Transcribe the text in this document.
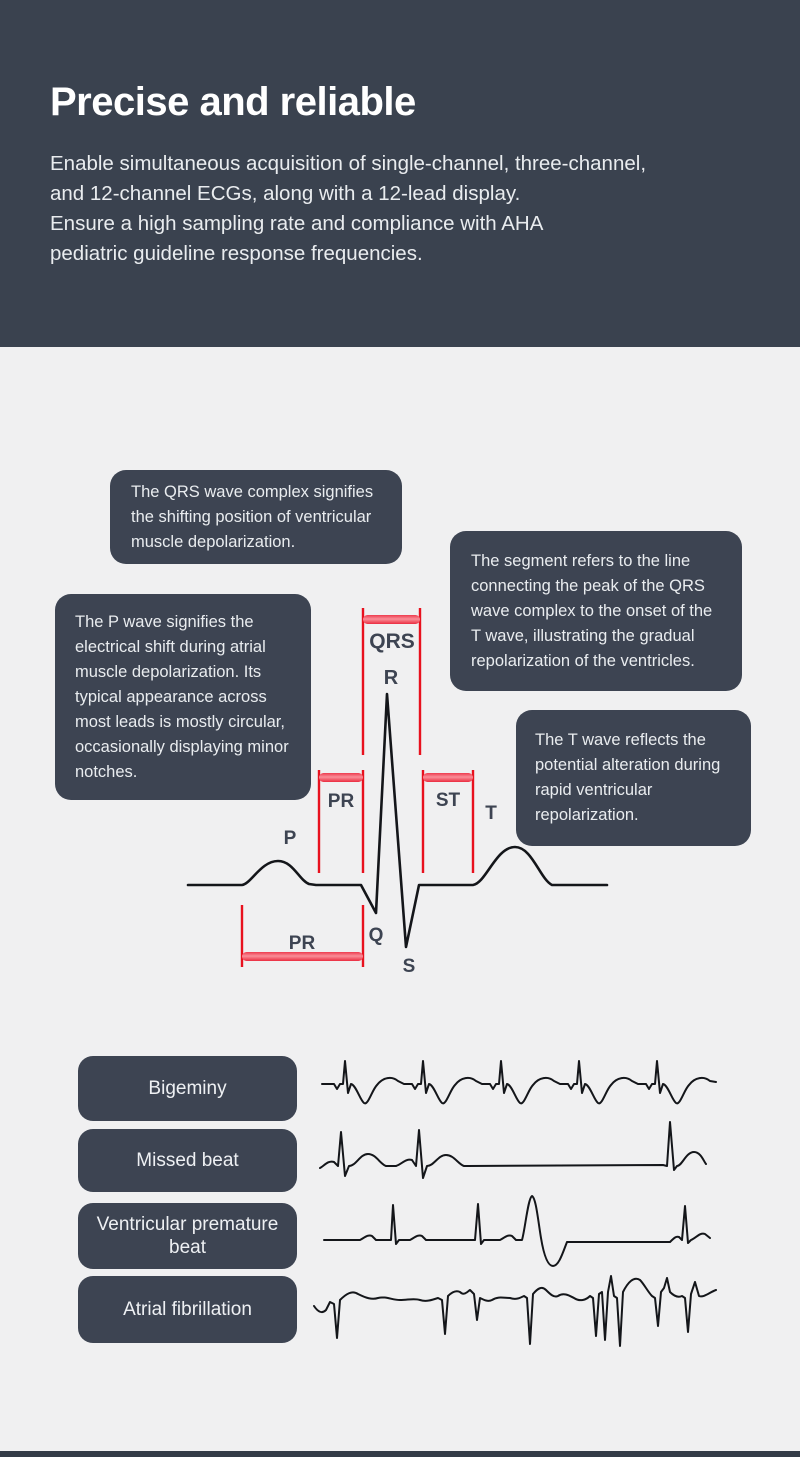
Precise and reliable
Enable simultaneous acquisition of single-channel, three-channel,
and 12-channel ECGs, along with a 12-lead display.
Ensure a high sampling rate and compliance with AHA
pediatric guideline response frequencies.
The QRS wave complex signifies the shifting position of ventricular muscle depolarization.
The segment refers to the line connecting the peak of the QRS wave complex to the onset of the T wave, illustrating the gradual repolarization of the ventricles.
The P wave signifies the electrical shift during atrial muscle depolarization. Its typical appearance across most leads is mostly circular, occasionally displaying minor notches.
The T wave reflects the potential alteration during rapid ventricular repolarization.
QRS
R
PR	ST
T
P
PR	Q
S
Bigeminy
Missed beat
Ventricular premature beat
Atrial fibrillation
